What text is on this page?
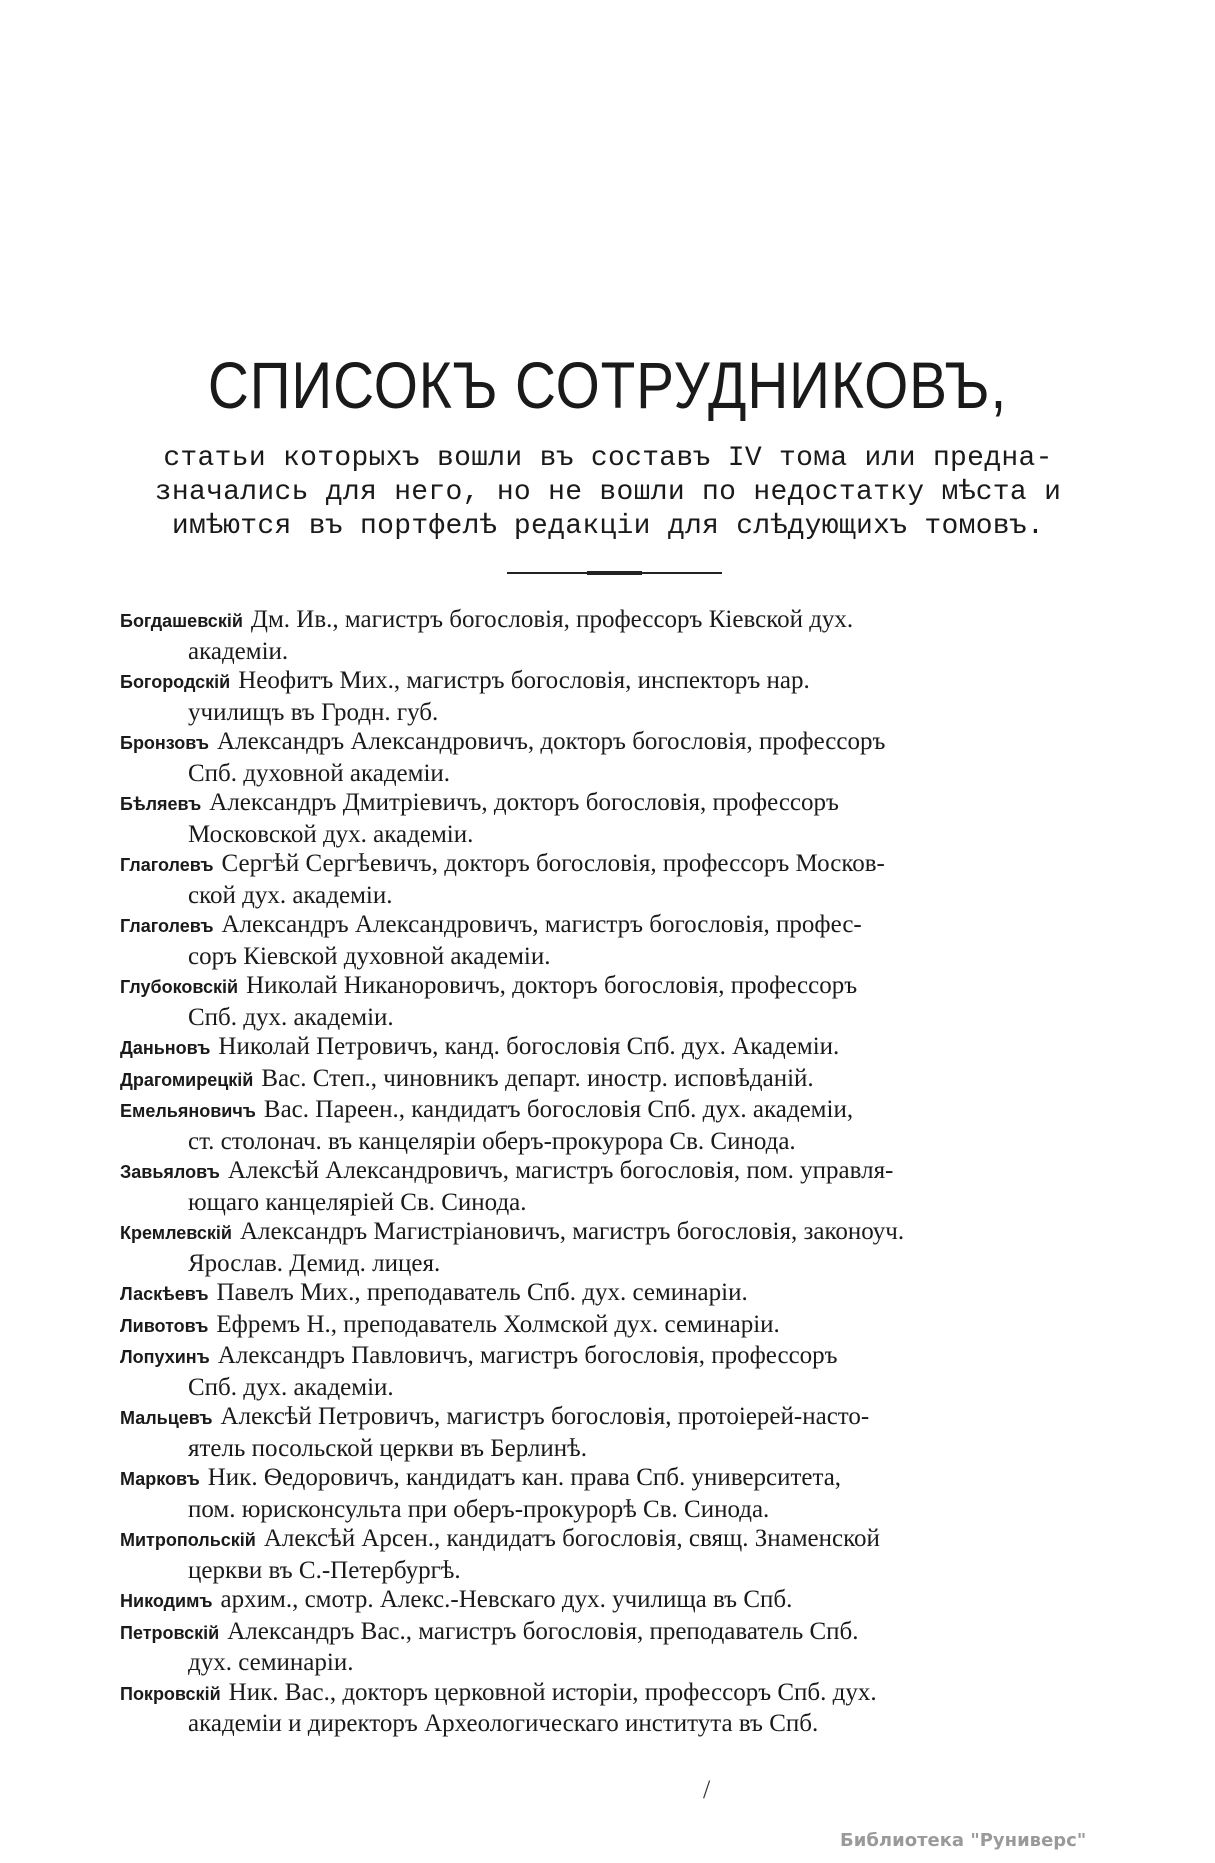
СПИСОКЪ СОТРУДНИКОВЪ,
статьи которыхъ вошли въ составъ IV тома или предна-
значались для него, но не вошли по недостатку мѣста и
имѣются въ портфелѣ редакціи для слѣдующихъ томовъ.
Богдашевскій Дм. Ив., магистръ богословія, профессоръ Кіевской дух.
академіи.
Богородскій Неофитъ Мих., магистръ богословія, инспекторъ нар.
училищъ въ Гродн. губ.
Бронзовъ Александръ Александровичъ, докторъ богословія, профессоръ
Спб. духовной академіи.
Бѣляевъ Александръ Дмитріевичъ, докторъ богословія, профессоръ
Московской дух. академіи.
Глаголевъ Сергѣй Сергѣевичъ, докторъ богословія, профессоръ Москов-
ской дух. академіи.
Глаголевъ Александръ Александровичъ, магистръ богословія, профес-
соръ Кіевской духовной академіи.
Глубоковскій Николай Никаноровичъ, докторъ богословія, профессоръ
Спб. дух. академіи.
Даньновъ Николай Петровичъ, канд. богословія Спб. дух. Академіи.
Драгомирецкій Вас. Степ., чиновникъ департ. иностр. исповѣданій.
Емельяновичъ Вас. Пареен., кандидатъ богословія Спб. дух. академіи,
ст. столонач. въ канцеляріи оберъ-прокурора Св. Синода.
Завьяловъ Алексѣй Александровичъ, магистръ богословія, пом. управля-
ющаго канцеляріей Св. Синода.
Кремлевскій Александръ Магистріановичъ, магистръ богословія, законоуч.
Ярослав. Демид. лицея.
Ласкѣевъ Павелъ Мих., преподаватель Спб. дух. семинаріи.
Ливотовъ Ефремъ Н., преподаватель Холмской дух. семинаріи.
Лопухинъ Александръ Павловичъ, магистръ богословія, профессоръ
Спб. дух. академіи.
Мальцевъ Алексѣй Петровичъ, магистръ богословія, протоіерей-насто-
ятель посольской церкви въ Берлинѣ.
Марковъ Ник. Ѳедоровичъ, кандидатъ кан. права Спб. университета,
пом. юрисконсульта при оберъ-прокурорѣ Св. Синода.
Митропольскій Алексѣй Арсен., кандидатъ богословія, свящ. Знаменской
церкви въ С.-Петербургѣ.
Никодимъ архим., смотр. Алекс.-Невскаго дух. училища въ Спб.
Петровскій Александръ Вас., магистръ богословія, преподаватель Спб.
дух. семинаріи.
Покровскій Ник. Вас., докторъ церковной исторіи, профессоръ Спб. дух.
академіи и директоръ Археологическаго института въ Спб.
/
Библиотека "Руниверс"
